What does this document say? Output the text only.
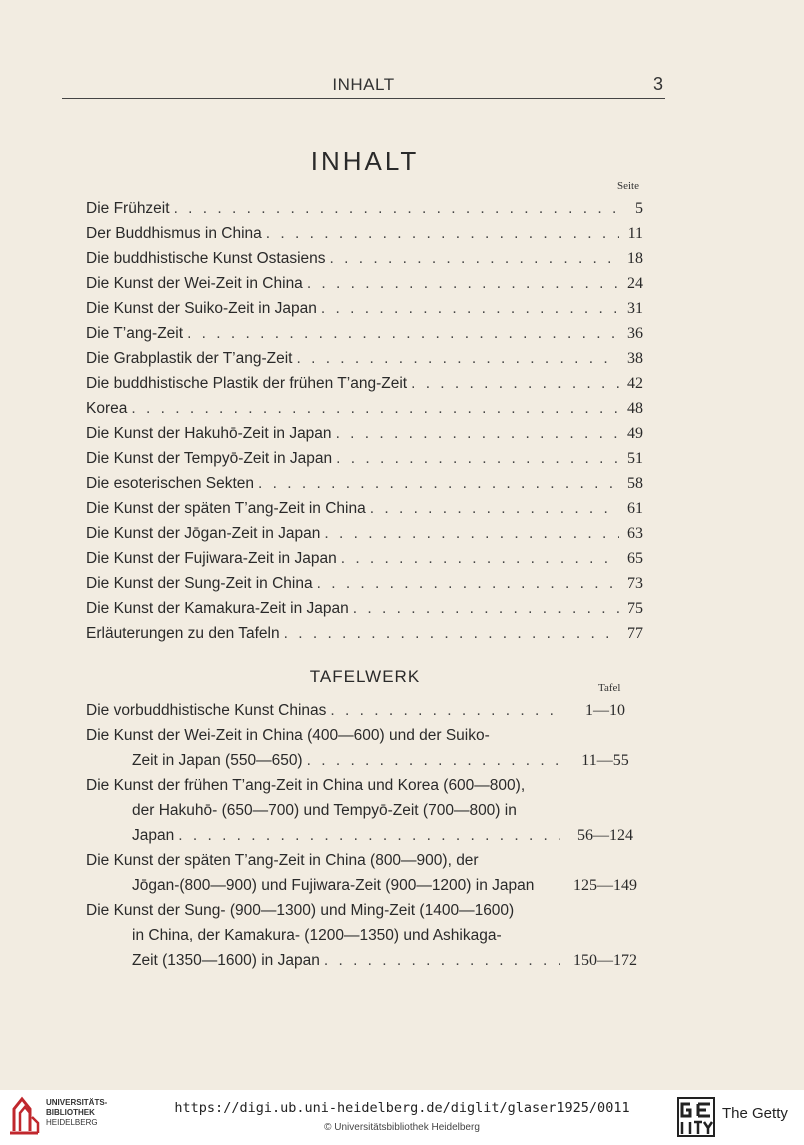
INHALT	3
INHALT
Seite
Die Frühzeit . . .	5
Der Buddhismus in China . . .	11
Die buddhistische Kunst Ostasiens . . .	18
Die Kunst der Wei-Zeit in China . . .	24
Die Kunst der Suiko-Zeit in Japan . . .	31
Die T’ang-Zeit . . .	36
Die Grabplastik der T’ang-Zeit . . .	38
Die buddhistische Plastik der frühen T’ang-Zeit . . .	42
Korea . . .	48
Die Kunst der Hakuhō-Zeit in Japan . . .	49
Die Kunst der Tempyō-Zeit in Japan . . .	51
Die esoterischen Sekten . . .	58
Die Kunst der späten T’ang-Zeit in China . . .	61
Die Kunst der Jōgan-Zeit in Japan . . .	63
Die Kunst der Fujiwara-Zeit in Japan . . .	65
Die Kunst der Sung-Zeit in China . . .	73
Die Kunst der Kamakura-Zeit in Japan . . .	75
Erläuterungen zu den Tafeln . . .	77
TAFELWERK
Tafel
Die vorbuddhistische Kunst Chinas . . .	1—10
Die Kunst der Wei-Zeit in China (400—600) und der Suiko-
Zeit in Japan (550—650) . . .	11—55
Die Kunst der frühen T’ang-Zeit in China und Korea (600—800),
der Hakuhō- (650—700) und Tempyō-Zeit (700—800) in
Japan . . .	56—124
Die Kunst der späten T’ang-Zeit in China (800—900), der
Jōgan-(800—900) und Fujiwara-Zeit (900—1200) in Japan	125—149
Die Kunst der Sung- (900—1300) und Ming-Zeit (1400—1600)
in China, der Kamakura- (1200—1350) und Ashikaga-
Zeit (1350—1600) in Japan . . .	150—172
UNIVERSITÄTS-
BIBLIOTHEK
HEIDELBERG
https://digi.ub.uni-heidelberg.de/diglit/glaser1925/0011
© Universitätsbibliothek Heidelberg
The Getty
